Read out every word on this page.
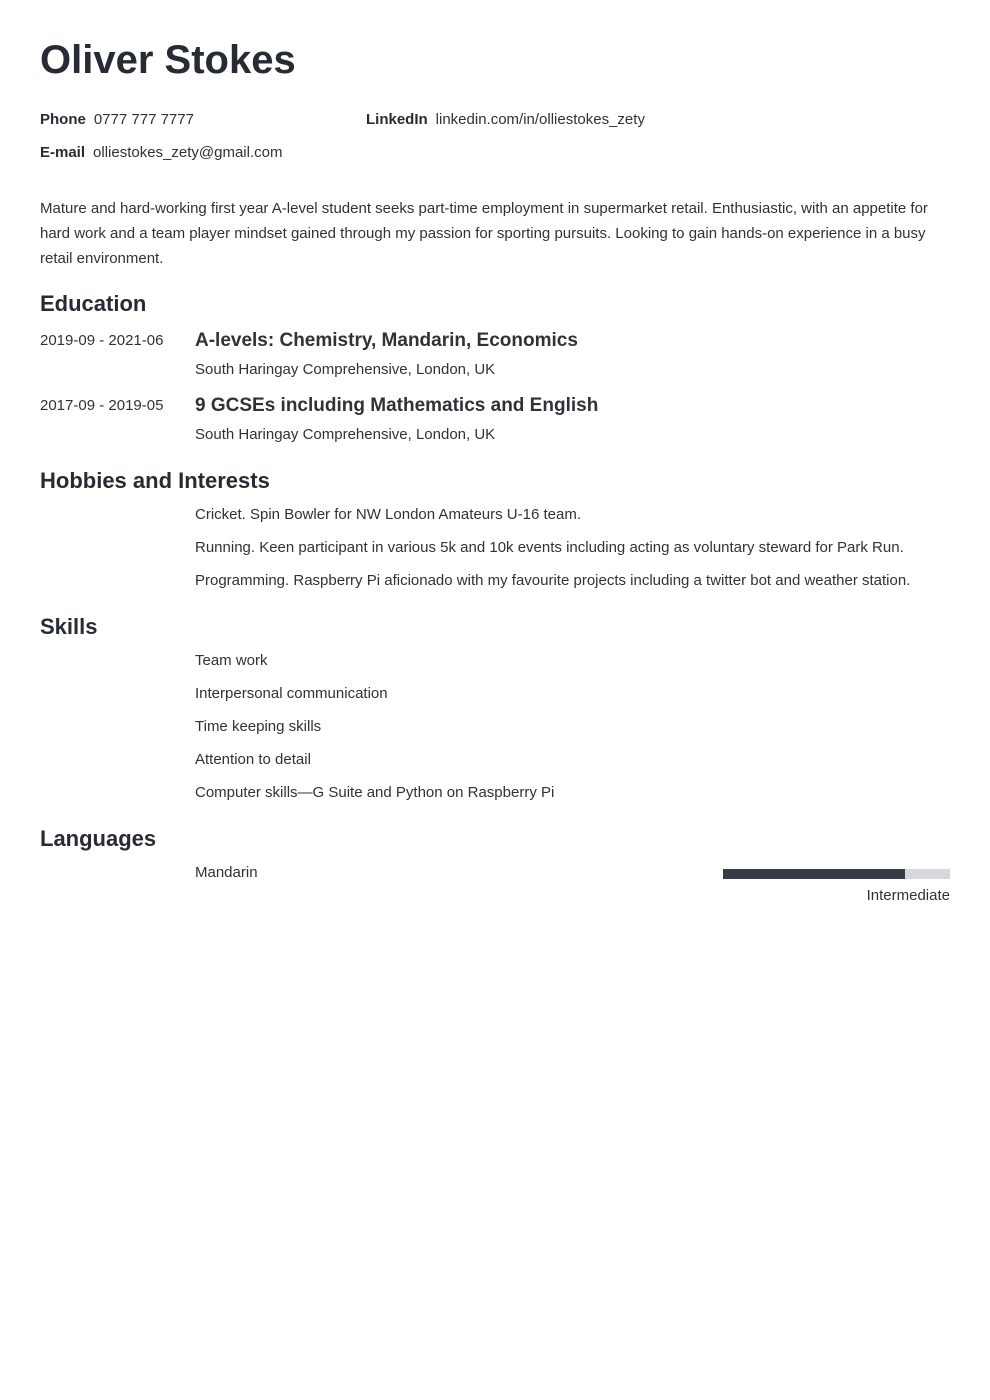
Oliver Stokes
Phone 0777 777 7777	LinkedIn linkedin.com/in/olliestokes_zety
E-mail olliestokes_zety@gmail.com

Mature and hard-working first year A-level student seeks part-time employment in supermarket retail. Enthusiastic, with an appetite for hard work and a team player mindset gained through my passion for sporting pursuits. Looking to gain hands-on experience in a busy retail environment.

Education
2019-09 - 2021-06 A-levels: Chemistry, Mandarin, Economics
South Haringay Comprehensive, London, UK
2017-09 - 2019-05 9 GCSEs including Mathematics and English
South Haringay Comprehensive, London, UK
Hobbies and Interests
Cricket. Spin Bowler for NW London Amateurs U-16 team.
Running. Keen participant in various 5k and 10k events including acting as voluntary steward for Park Run.
Programming. Raspberry Pi aficionado with my favourite projects including a twitter bot and weather station.
Skills
Team work
Interpersonal communication
Time keeping skills
Attention to detail
Computer skills—G Suite and Python on Raspberry Pi
Languages
Mandarin
Intermediate
